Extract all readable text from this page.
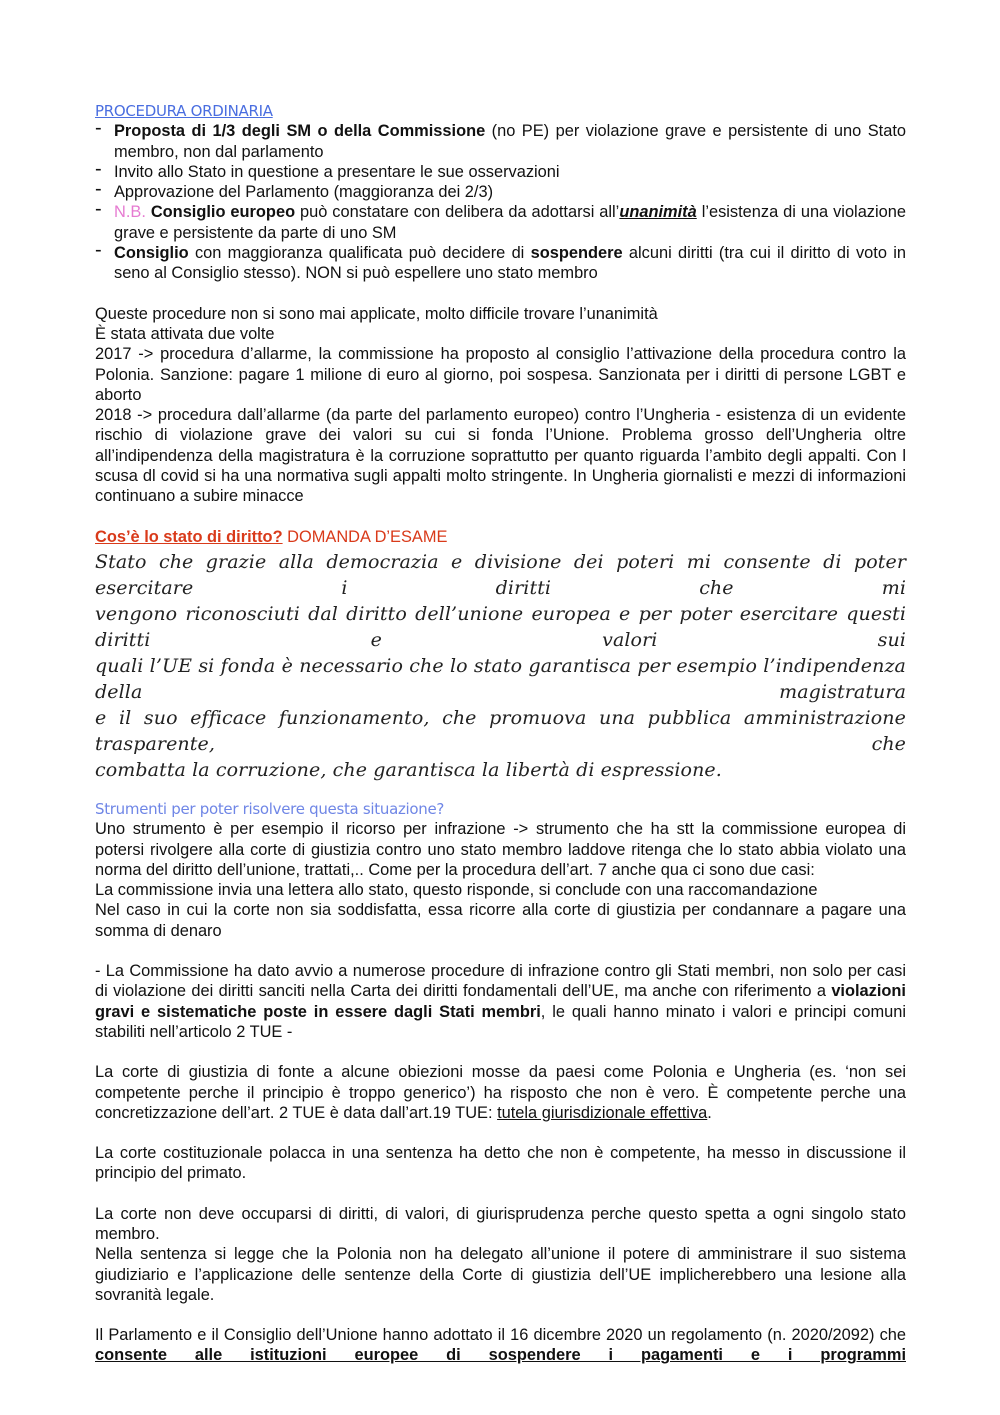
PROCEDURA ORDINARIA
- Proposta di 1/3 degli SM o della Commissione (no PE) per violazione grave e persistente di uno Stato membro, non dal parlamento
- Invito allo Stato in questione a presentare le sue osservazioni
- Approvazione del Parlamento (maggioranza dei 2/3)
- N.B. Consiglio europeo può constatare con delibera da adottarsi all’unanimità l’esistenza di una violazione grave e persistente da parte di uno SM
- Consiglio con maggioranza qualificata può decidere di sospendere alcuni diritti (tra cui il diritto di voto in seno al Consiglio stesso). NON si può espellere uno stato membro

Queste procedure non si sono mai applicate, molto difficile trovare l’unanimità

È stata attivata due volte

2017 -> procedura d’allarme, la commissione ha proposto al consiglio l’attivazione della procedura contro la Polonia. Sanzione: pagare 1 milione di euro al giorno, poi sospesa. Sanzionata per i diritti di persone LGBT e aborto

2018 -> procedura dall’allarme (da parte del parlamento europeo) contro l’Ungheria - esistenza di un evidente rischio di violazione grave dei valori su cui si fonda l’Unione. Problema grosso dell’Ungheria oltre all’indipendenza della magistratura è la corruzione soprattutto per quanto riguarda l’ambito degli appalti. Con l scusa dl covid si ha una normativa sugli appalti molto stringente. In Ungheria giornalisti e mezzi di informazioni continuano a subire minacce

Cos’è lo stato di diritto? DOMANDA D’ESAME

Stato che grazie alla democrazia e divisione dei poteri mi consente di poter esercitare i diritti che mi
vengono riconosciuti dal diritto dell’unione europea e per poter esercitare questi diritti e valori sui
quali l’UE si fonda è necessario che lo stato garantisca per esempio l’indipendenza della magistratura
e il suo efficace funzionamento, che promuova una pubblica amministrazione trasparente, che
combatta la corruzione, che garantisca la libertà di espressione.
Strumenti per poter risolvere questa situazione?

Uno strumento è per esempio il ricorso per infrazione -> strumento che ha stt la commissione europea di potersi rivolgere alla corte di giustizia contro uno stato membro laddove ritenga che lo stato abbia violato una norma del diritto dell’unione, trattati,.. Come per la procedura dell’art. 7 anche qua ci sono due casi:

La commissione invia una lettera allo stato, questo risponde, si conclude con una raccomandazione

Nel caso in cui la corte non sia soddisfatta, essa ricorre alla corte di giustizia per condannare a pagare una somma di denaro

- La Commissione ha dato avvio a numerose procedure di infrazione contro gli Stati membri, non solo per casi di violazione dei diritti sanciti nella Carta dei diritti fondamentali dell’UE, ma anche con riferimento a violazioni gravi e sistematiche poste in essere dagli Stati membri, le quali hanno minato i valori e principi comuni stabiliti nell’articolo 2 TUE -

La corte di giustizia di fonte a alcune obiezioni mosse da paesi come Polonia e Ungheria (es. ‘non sei competente perche il principio è troppo generico’) ha risposto che non è vero. È competente perche una concretizzazione dell’art. 2 TUE è data dall’art.19 TUE: tutela giurisdizionale effettiva.

La corte costituzionale polacca in una sentenza ha detto che non è competente, ha messo in discussione il principio del primato.

La corte non deve occuparsi di diritti, di valori, di giurisprudenza perche questo spetta a ogni singolo stato membro.

Nella sentenza si legge che la Polonia non ha delegato all’unione il potere di amministrare il suo sistema giudiziario e l’applicazione delle sentenze della Corte di giustizia dell’UE implicherebbero una lesione alla sovranità legale.

Il Parlamento e il Consiglio dell’Unione hanno adottato il 16 dicembre 2020 un regolamento (n. 2020/2092) che consente alle istituzioni europee di sospendere i pagamenti e i programmi
